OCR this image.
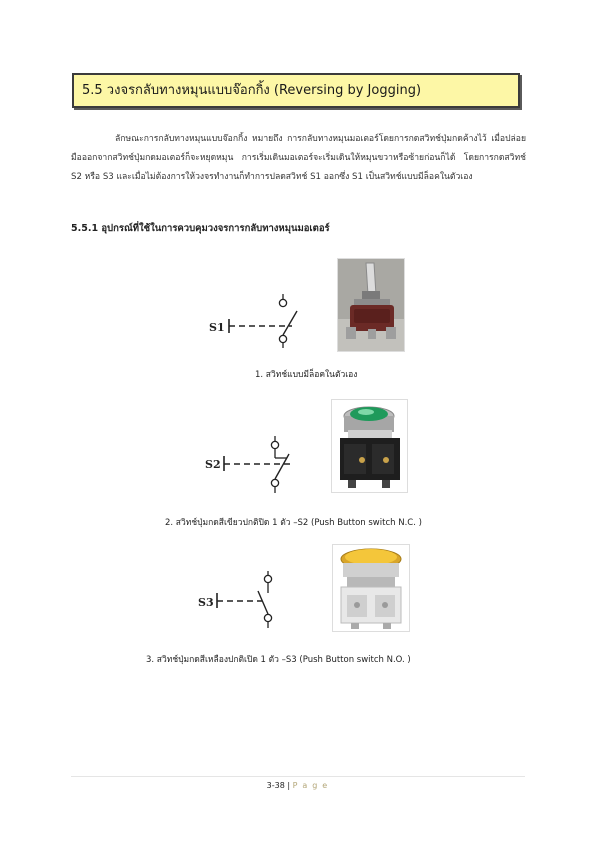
5.5 วงจรกลับทางหมุนแบบจ๊อกกิ้ง (Reversing by Jogging)
ลักษณะการกลับทางหมุนแบบจ๊อกกิ้ง หมายถึง การกลับทางหมุนมอเตอร์โดยการกดสวิทช์ปุ่มกดค้างไว้ เมื่อปล่อยมือออกจากสวิทช์ปุ่มกดมอเตอร์ก็จะหยุดหมุน การเริ่มเดินมอเตอร์จะเริ่มเดินให้หมุนขวาหรือซ้ายก่อนก็ได้ โดยการกดสวิทช์ S2 หรือ S3 และเมื่อไม่ต้องการให้วงจรทำงานก็ทำการปลดสวิทช์ S1 ออกซึ่ง S1 เป็นสวิทช์แบบมีล็อคในตัวเอง
5.5.1 อุปกรณ์ที่ใช้ในการควบคุมวงจรการกลับทางหมุนมอเตอร์
S1
1. สวิทช์แบบมีล็อคในตัวเอง
S2
2. สวิทช์ปุ่มกดสีเขียวปกติปิด 1 ตัว –S2 (Push Button switch N.C. )
S3
3. สวิทช์ปุ่มกดสีเหลืองปกติเปิด 1 ตัว –S3 (Push Button switch N.O. )
3-38 | P a g e
